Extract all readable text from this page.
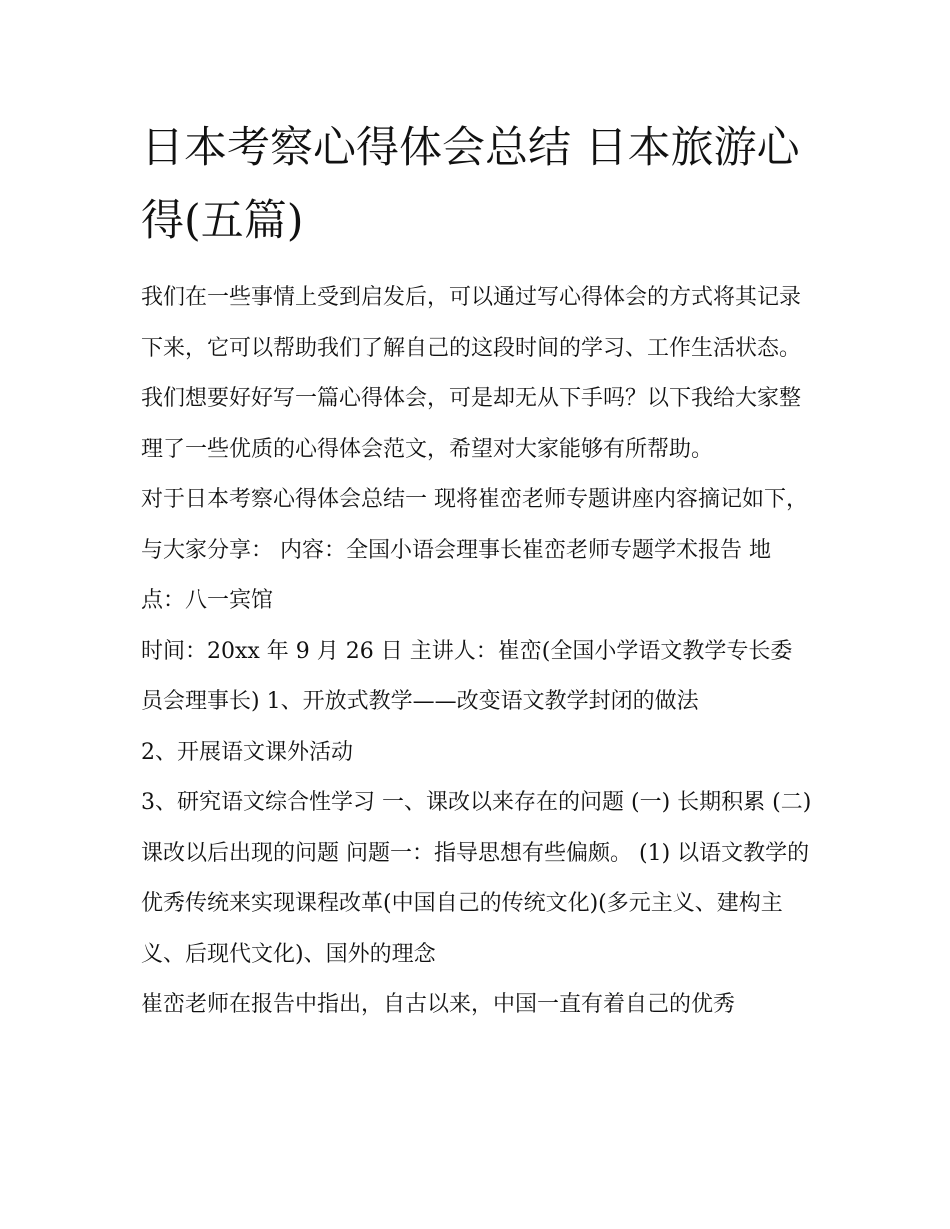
日本考察心得体会总结 日本旅游心得(五篇)

我们在一些事情上受到启发后，可以通过写心得体会的方式将其记录下来，它可以帮助我们了解自己的这段时间的学习、工作生活状态。我们想要好好写一篇心得体会，可是却无从下手吗？以下我给大家整理了一些优质的心得体会范文，希望对大家能够有所帮助。

对于日本考察心得体会总结一 现将崔峦老师专题讲座内容摘记如下，与大家分享： 内容：全国小语会理事长崔峦老师专题学术报告 地点：八一宾馆

时间：20xx 年 9 月 26 日 主讲人：崔峦(全国小学语文教学专长委员会理事长) 1、开放式教学——改变语文教学封闭的做法

2、开展语文课外活动

3、研究语文综合性学习 一、课改以来存在的问题 (一) 长期积累 (二) 课改以后出现的问题 问题一：指导思想有些偏颇。 (1) 以语文教学的优秀传统来实现课程改革(中国自己的传统文化)(多元主义、建构主义、后现代文化)、国外的理念

崔峦老师在报告中指出，自古以来，中国一直有着自己的优秀
